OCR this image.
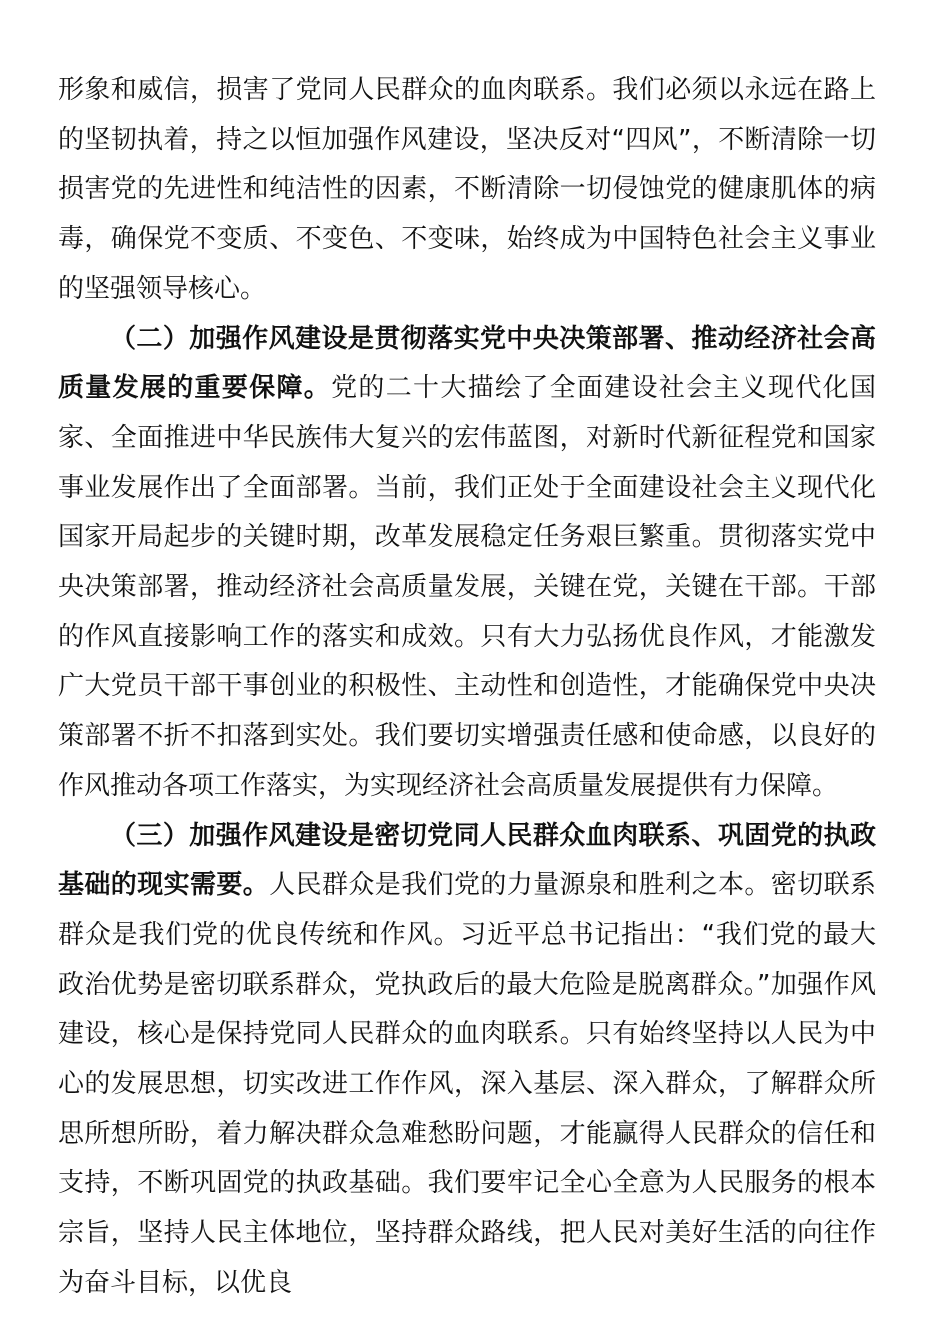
形象和威信，损害了党同人民群众的血肉联系。我们必须以永远在路上的坚韧执着，持之以恒加强作风建设，坚决反对“四风”，不断清除一切损害党的先进性和纯洁性的因素，不断清除一切侵蚀党的健康肌体的病毒，确保党不变质、不变色、不变味，始终成为中国特色社会主义事业的坚强领导核心。

（二）加强作风建设是贯彻落实党中央决策部署、推动经济社会高质量发展的重要保障。党的二十大描绘了全面建设社会主义现代化国家、全面推进中华民族伟大复兴的宏伟蓝图，对新时代新征程党和国家事业发展作出了全面部署。当前，我们正处于全面建设社会主义现代化国家开局起步的关键时期，改革发展稳定任务艰巨繁重。贯彻落实党中央决策部署，推动经济社会高质量发展，关键在党，关键在干部。干部的作风直接影响工作的落实和成效。只有大力弘扬优良作风，才能激发广大党员干部干事创业的积极性、主动性和创造性，才能确保党中央决策部署不折不扣落到实处。我们要切实增强责任感和使命感，以良好的作风推动各项工作落实，为实现经济社会高质量发展提供有力保障。

（三）加强作风建设是密切党同人民群众血肉联系、巩固党的执政基础的现实需要。人民群众是我们党的力量源泉和胜利之本。密切联系群众是我们党的优良传统和作风。习近平总书记指出：“我们党的最大政治优势是密切联系群众，党执政后的最大危险是脱离群众。”加强作风建设，核心是保持党同人民群众的血肉联系。只有始终坚持以人民为中心的发展思想，切实改进工作作风，深入基层、深入群众，了解群众所思所想所盼，着力解决群众急难愁盼问题，才能赢得人民群众的信任和支持，不断巩固党的执政基础。我们要牢记全心全意为人民服务的根本宗旨，坚持人民主体地位，坚持群众路线，把人民对美好生活的向往作为奋斗目标，以优良
